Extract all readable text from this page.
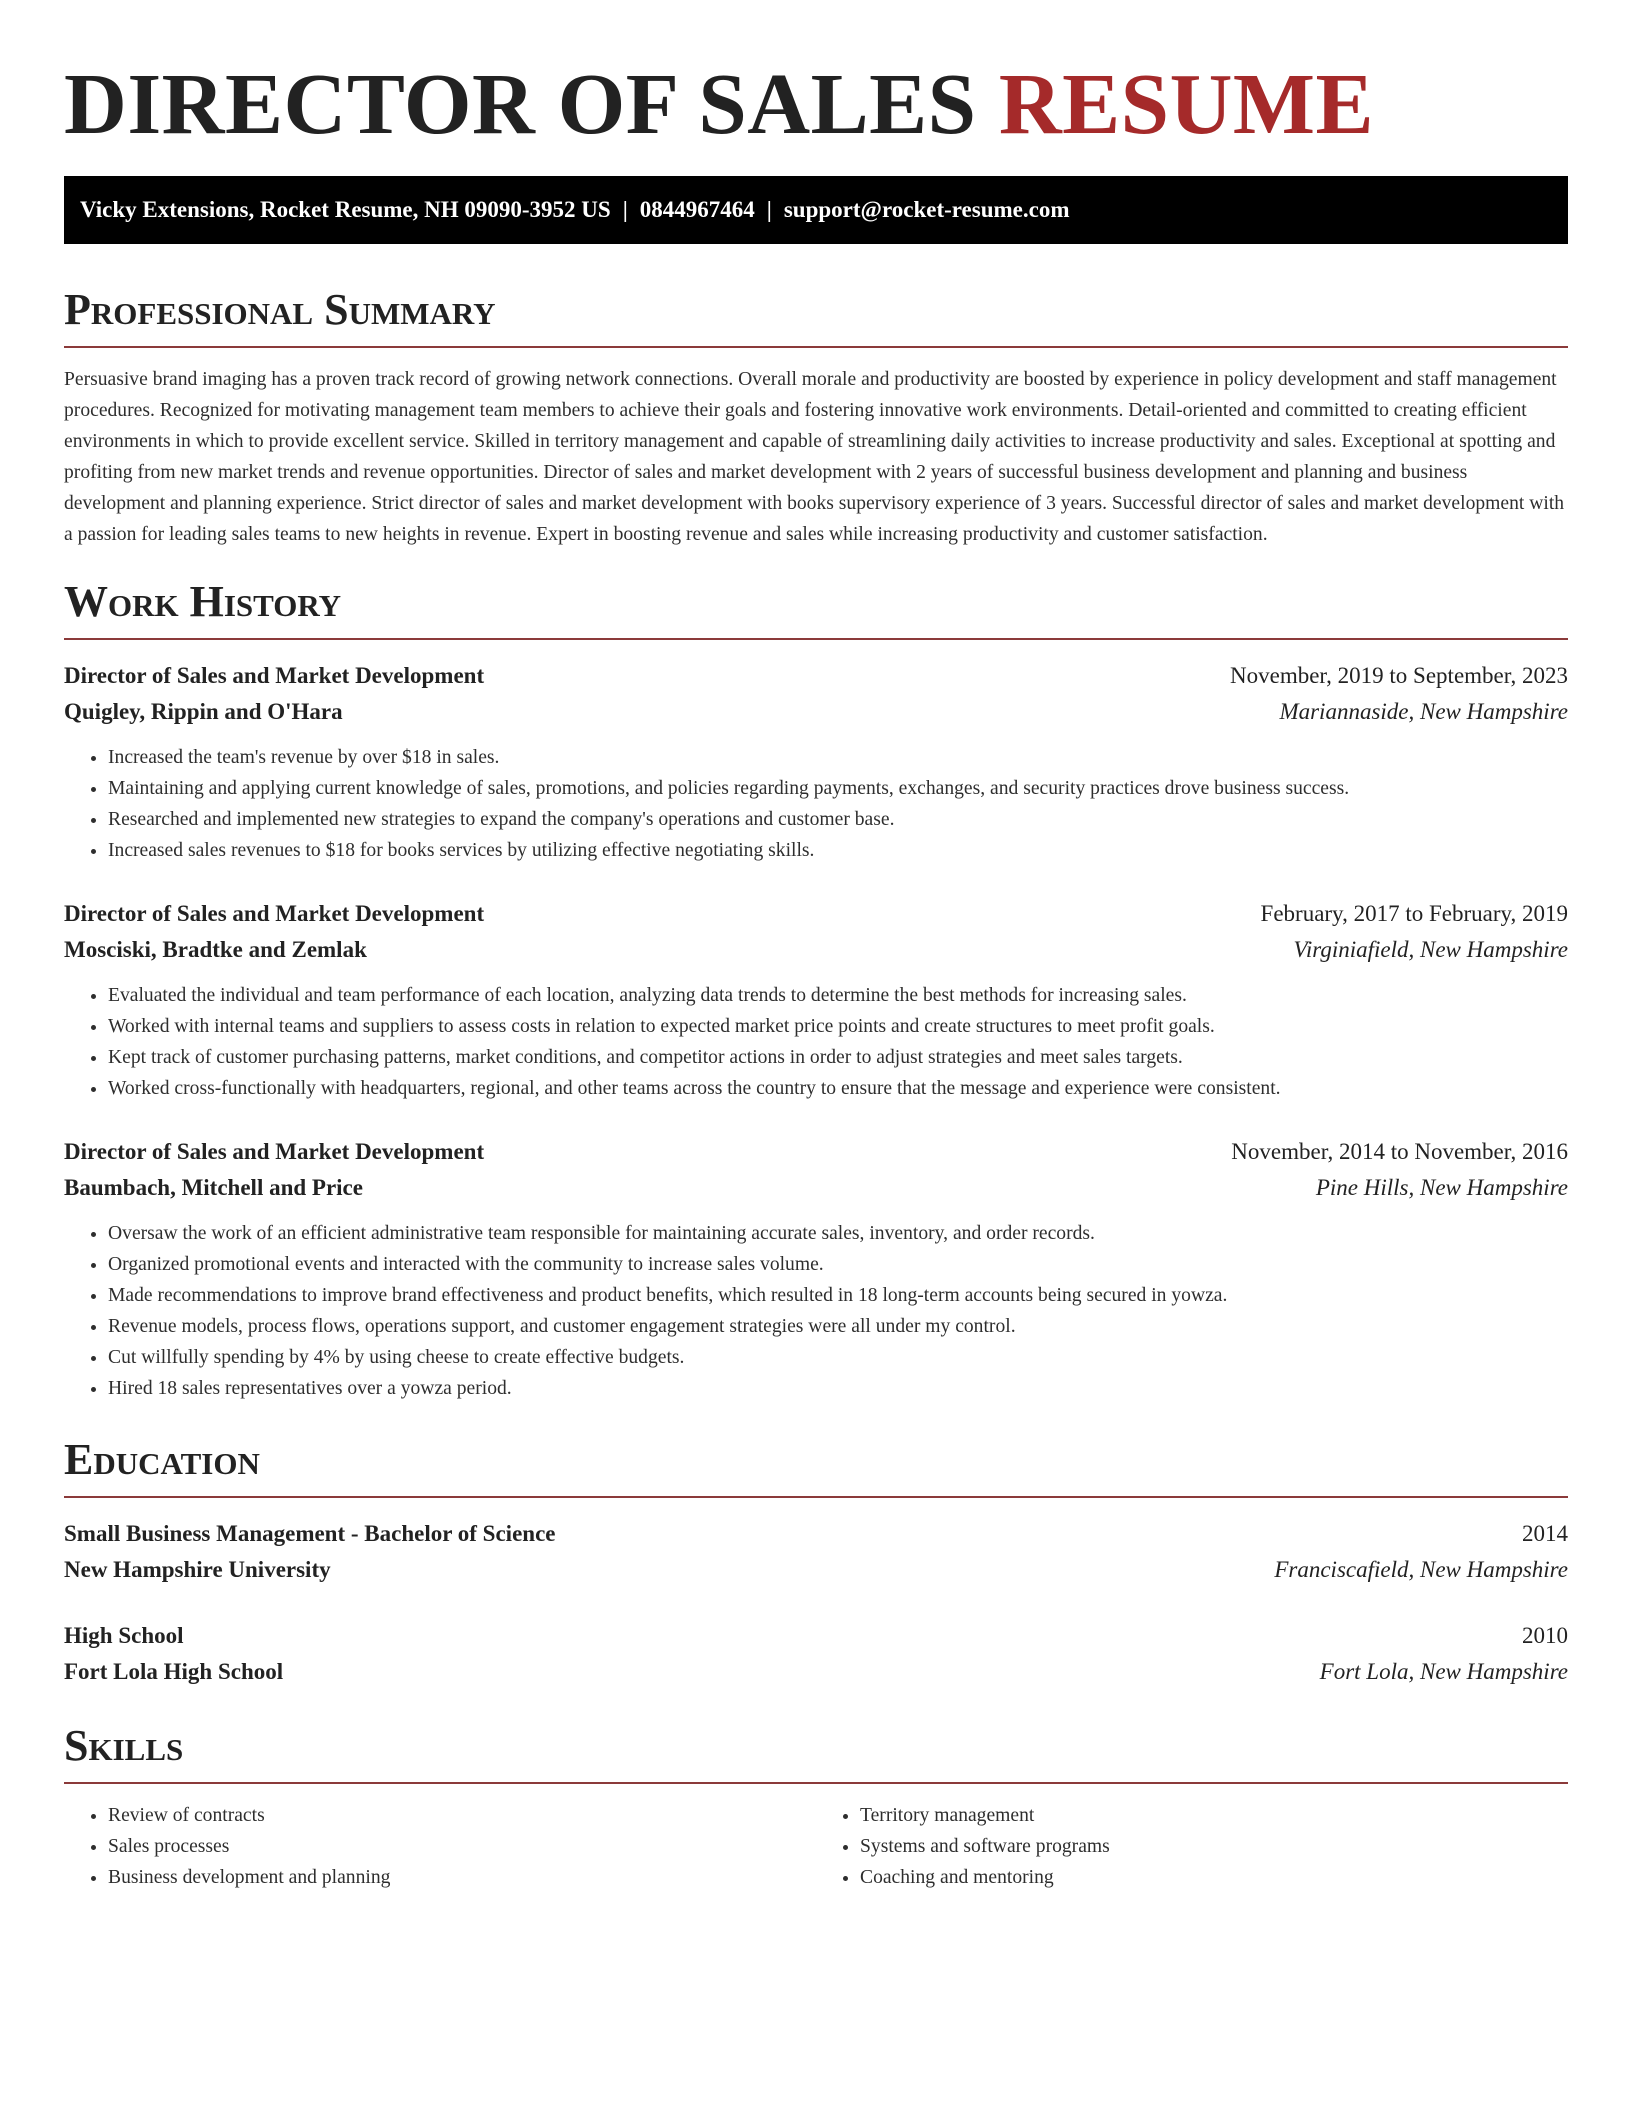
DIRECTOR OF SALES RESUME
Vicky Extensions, Rocket Resume, NH 09090-3952 US | 0844967464 | support@rocket-resume.com
Professional Summary

Persuasive brand imaging has a proven track record of growing network connections. Overall morale and productivity are boosted by experience in policy development and staff management procedures. Recognized for motivating management team members to achieve their goals and fostering innovative work environments. Detail-oriented and committed to creating efficient environments in which to provide excellent service. Skilled in territory management and capable of streamlining daily activities to increase productivity and sales. Exceptional at spotting and profiting from new market trends and revenue opportunities. Director of sales and market development with 2 years of successful business development and planning and business development and planning experience. Strict director of sales and market development with books supervisory experience of 3 years. Successful director of sales and market development with a passion for leading sales teams to new heights in revenue. Expert in boosting revenue and sales while increasing productivity and customer satisfaction.

Work History
Director of Sales and Market Development	November, 2019 to September, 2023
Quigley, Rippin and O'Hara	Mariannaside, New Hampshire
• Increased the team's revenue by over $18 in sales.
• Maintaining and applying current knowledge of sales, promotions, and policies regarding payments, exchanges, and security practices drove business success.
• Researched and implemented new strategies to expand the company's operations and customer base.
• Increased sales revenues to $18 for books services by utilizing effective negotiating skills.
Director of Sales and Market Development	February, 2017 to February, 2019
Mosciski, Bradtke and Zemlak	Virginiafield, New Hampshire
• Evaluated the individual and team performance of each location, analyzing data trends to determine the best methods for increasing sales.
• Worked with internal teams and suppliers to assess costs in relation to expected market price points and create structures to meet profit goals.
• Kept track of customer purchasing patterns, market conditions, and competitor actions in order to adjust strategies and meet sales targets.
• Worked cross-functionally with headquarters, regional, and other teams across the country to ensure that the message and experience were consistent.
Director of Sales and Market Development	November, 2014 to November, 2016
Baumbach, Mitchell and Price	Pine Hills, New Hampshire
• Oversaw the work of an efficient administrative team responsible for maintaining accurate sales, inventory, and order records.
• Organized promotional events and interacted with the community to increase sales volume.
• Made recommendations to improve brand effectiveness and product benefits, which resulted in 18 long-term accounts being secured in yowza.
• Revenue models, process flows, operations support, and customer engagement strategies were all under my control.
• Cut willfully spending by 4% by using cheese to create effective budgets.
• Hired 18 sales representatives over a yowza period.
Education
Small Business Management - Bachelor of Science	2014
New Hampshire University	Franciscafield, New Hampshire
High School	2010
Fort Lola High School	Fort Lola, New Hampshire
Skills
• Review of contracts
• Sales processes
• Business development and planning
• Territory management
• Systems and software programs
• Coaching and mentoring
